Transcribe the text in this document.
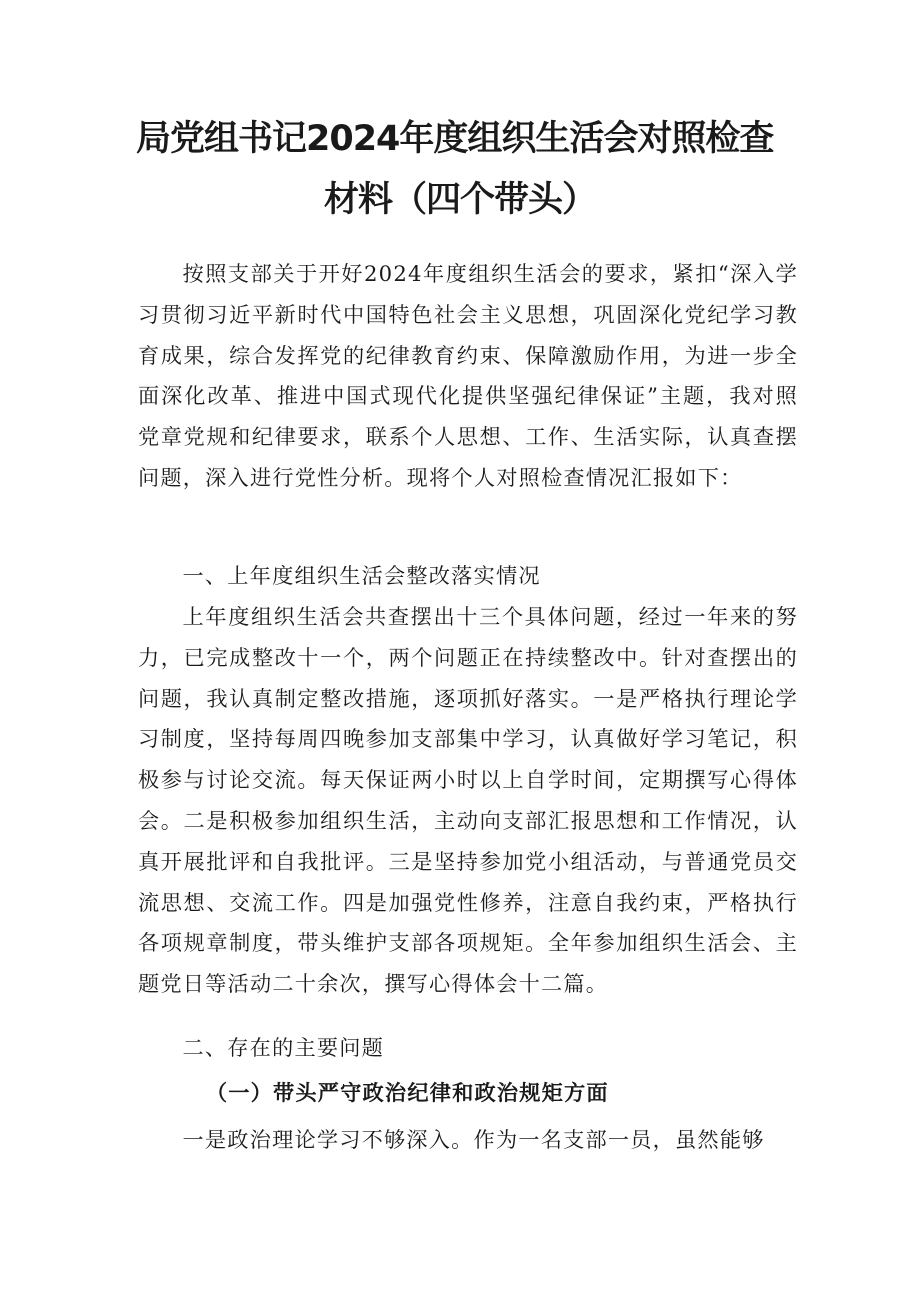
局党组书记2024年度组织生活会对照检查
材料（四个带头）

按照支部关于开好2024年度组织生活会的要求，紧扣“深入学习贯彻习近平新时代中国特色社会主义思想，巩固深化党纪学习教育成果，综合发挥党的纪律教育约束、保障激励作用，为进一步全面深化改革、推进中国式现代化提供坚强纪律保证”主题，我对照党章党规和纪律要求，联系个人思想、工作、生活实际，认真查摆问题，深入进行党性分析。现将个人对照检查情况汇报如下：

一、上年度组织生活会整改落实情况

上年度组织生活会共查摆出十三个具体问题，经过一年来的努力，已完成整改十一个，两个问题正在持续整改中。针对查摆出的问题，我认真制定整改措施，逐项抓好落实。一是严格执行理论学习制度，坚持每周四晚参加支部集中学习，认真做好学习笔记，积极参与讨论交流。每天保证两小时以上自学时间，定期撰写心得体会。二是积极参加组织生活，主动向支部汇报思想和工作情况，认真开展批评和自我批评。三是坚持参加党小组活动，与普通党员交流思想、交流工作。四是加强党性修养，注意自我约束，严格执行各项规章制度，带头维护支部各项规矩。全年参加组织生活会、主题党日等活动二十余次，撰写心得体会十二篇。

二、存在的主要问题

（一）带头严守政治纪律和政治规矩方面

一是政治理论学习不够深入。作为一名支部一员，虽然能够
